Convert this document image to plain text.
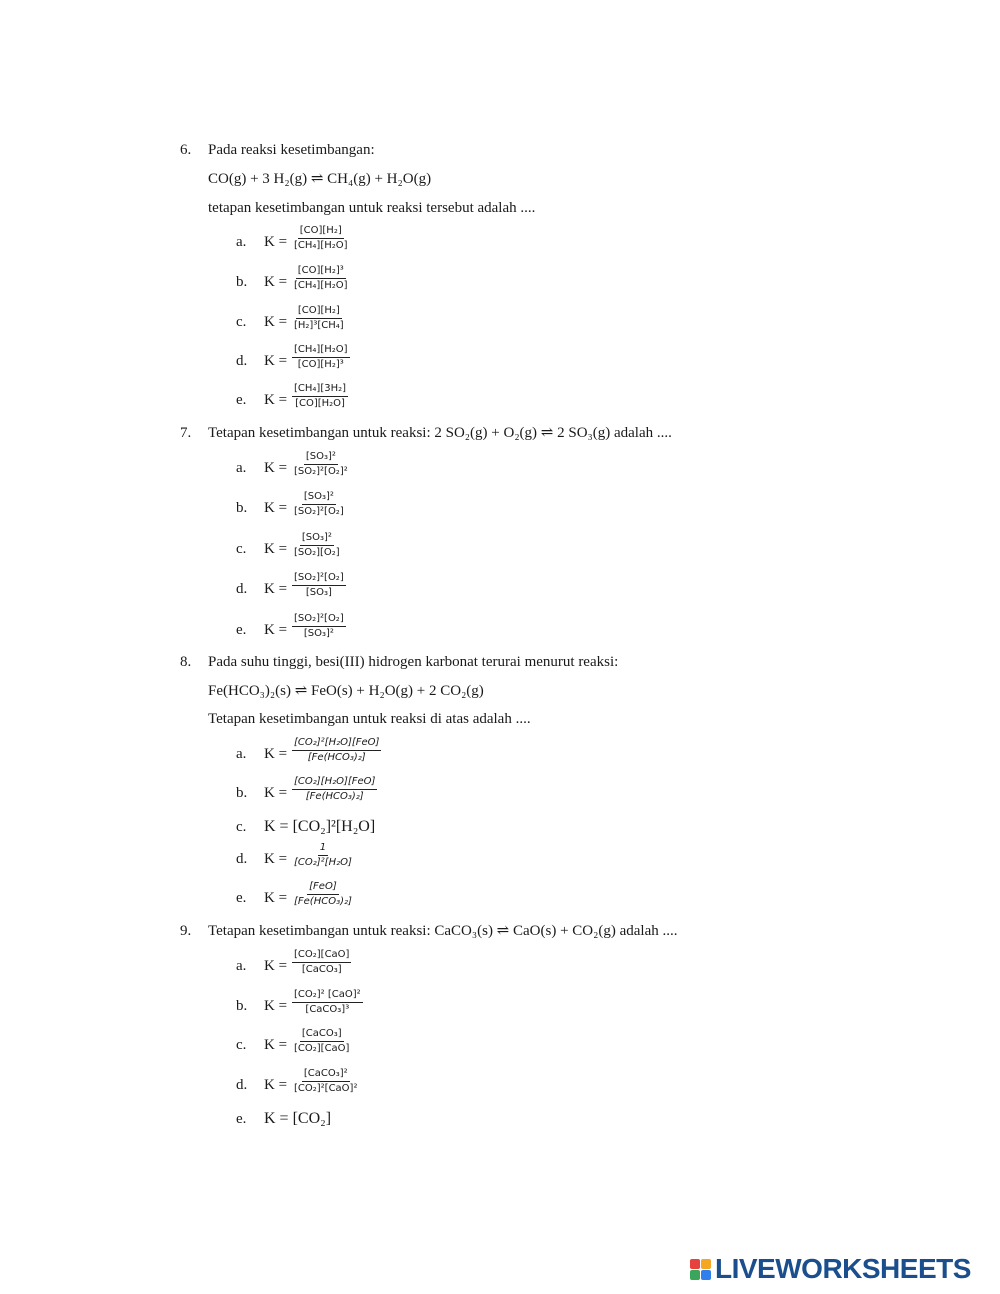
6.	Pada reaksi kesetimbangan:
CO(g) + 3 H₂(g) ⇌ CH₄(g) + H₂O(g)
tetapan kesetimbangan untuk reaksi tersebut adalah ....
a. $K = \frac{\text{[CO][H₂]}}{\text{[CH₄][H₂O]}}$
b. $K = \frac{\text{[CO][H₂]³}}{\text{[CH₄][H₂O]}}$
c. $K = \frac{\text{[CO][H₂]}}{\text{[H₂]³[CH₄]}}$
d. $K = \frac{\text{[CH₄][H₂O]}}{\text{[CO][H₂]³}}$
e. $K = \frac{\text{[CH₄][3H₂]}}{\text{[CO][H₂O]}}$
7.	Tetapan kesetimbangan untuk reaksi: 2 SO₂(g) + O₂(g) ⇌ 2 SO₃(g) adalah ....
a. $K = \frac{\text{[SO₃]²}}{\text{[SO₂]²[O₂]²}}$
b. $K = \frac{\text{[SO₃]²}}{\text{[SO₂]²[O₂]}}$
c. $K = \frac{\text{[SO₃]²}}{\text{[SO₂][O₂]}}$
d. $K = \frac{\text{[SO₂]²[O₂]}}{\text{[SO₃]}}$
e. $K = \frac{\text{[SO₂]²[O₂]}}{\text{[SO₃]²}}$
8.	Pada suhu tinggi, besi(III) hidrogen karbonat terurai menurut reaksi:
Fe(HCO₃)₂(s) ⇌ FeO(s) + H₂O(g) + 2 CO₂(g)
Tetapan kesetimbangan untuk reaksi di atas adalah ....
a. K =
[CO₂]²[H₂O][FeO]
[Fe(HCO₃)₂]
b. K =
[CO₂][H₂O][FeO]
[Fe(HCO₃)₂]
c. K = [CO₂]²[H₂O]
d. $K = \frac{1}{\text{[CO₂]²[H₂O]}}$
e. K =
[FeO]
[Fe(HCO₃)₂]
9.	Tetapan kesetimbangan untuk reaksi: CaCO₃(s) ⇌ CaO(s) + CO₂(g) adalah ....
a. K =
[CO₂][CaO]
[CaCO₃]
b. K =
[CO₂]² [CaO]²
[CaCO₃]³
c. K =
[CaCO₃]
[CO₂][CaO]
d. K =
[CaCO₃]²
[CO₂]²[CaO]²
e. K = [CO₂]
LIVEWORKSHEETS
